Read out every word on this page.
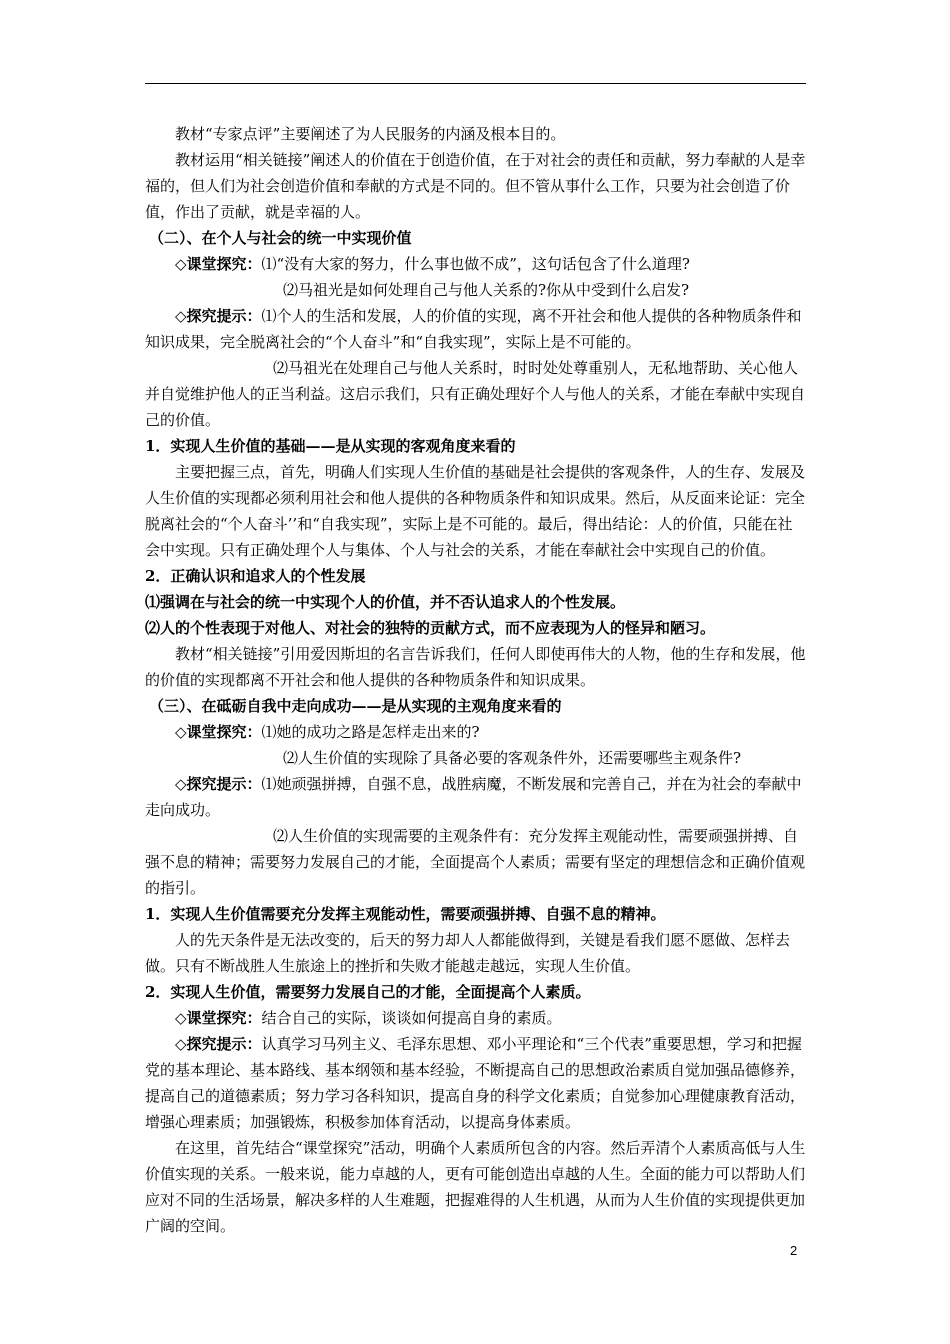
教材“专家点评”主要阐述了为人民服务的内涵及根本目的。

教材运用“相关链接”阐述人的价值在于创造价值，在于对社会的责任和贡献，努力奉献的人是幸福的，但人们为社会创造价值和奉献的方式是不同的。但不管从事什么工作，只要为社会创造了价值，作出了贡献，就是幸福的人。

（二）、在个人与社会的统一中实现价值

◇课堂探究：⑴“没有大家的努力，什么事也做不成”，这句话包含了什么道理?

⑵马祖光是如何处理自己与他人关系的?你从中受到什么启发?

◇探究提示：⑴个人的生活和发展，人的价值的实现，离不开社会和他人提供的各种物质条件和知识成果，完全脱离社会的“个人奋斗”和“自我实现”，实际上是不可能的。

⑵马祖光在处理自己与他人关系时，时时处处尊重别人，无私地帮助、关心他人并自觉维护他人的正当利益。这启示我们，只有正确处理好个人与他人的关系，才能在奉献中实现自己的价值。

1．实现人生价值的基础——是从实现的客观角度来看的

主要把握三点，首先，明确人们实现人生价值的基础是社会提供的客观条件，人的生存、发展及人生价值的实现都必须利用社会和他人提供的各种物质条件和知识成果。然后，从反面来论证：完全脱离社会的“个人奋斗’’和“自我实现”，实际上是不可能的。最后，得出结论：人的价值，只能在社会中实现。只有正确处理个人与集体、个人与社会的关系，才能在奉献社会中实现自己的价值。

2．正确认识和追求人的个性发展

⑴强调在与社会的统一中实现个人的价值，并不否认追求人的个性发展。

⑵人的个性表现于对他人、对社会的独特的贡献方式，而不应表现为人的怪异和陋习。

教材“相关链接”引用爱因斯坦的名言告诉我们，任何人即使再伟大的人物，他的生存和发展，他的价值的实现都离不开社会和他人提供的各种物质条件和知识成果。

（三）、在砥砺自我中走向成功——是从实现的主观角度来看的

◇课堂探究：⑴她的成功之路是怎样走出来的?

⑵人生价值的实现除了具备必要的客观条件外，还需要哪些主观条件?

◇探究提示：⑴她顽强拼搏，自强不息，战胜病魔，不断发展和完善自己，并在为社会的奉献中走向成功。

⑵人生价值的实现需要的主观条件有：充分发挥主观能动性，需要顽强拼搏、自强不息的精神；需要努力发展自己的才能，全面提高个人素质；需要有坚定的理想信念和正确价值观的指引。

1．实现人生价值需要充分发挥主观能动性，需要顽强拼搏、自强不息的精神。

人的先天条件是无法改变的，后天的努力却人人都能做得到，关键是看我们愿不愿做、怎样去做。只有不断战胜人生旅途上的挫折和失败才能越走越远，实现人生价值。

2．实现人生价值，需要努力发展自己的才能，全面提高个人素质。

◇课堂探究：结合自己的实际，谈谈如何提高自身的素质。

◇探究提示：认真学习马列主义、毛泽东思想、邓小平理论和“三个代表”重要思想，学习和把握党的基本理论、基本路线、基本纲领和基本经验，不断提高自己的思想政治素质自觉加强品德修养，提高自己的道德素质；努力学习各科知识，提高自身的科学文化素质；自觉参加心理健康教育活动，增强心理素质；加强锻炼，积极参加体育活动，以提高身体素质。

在这里，首先结合“课堂探究”活动，明确个人素质所包含的内容。然后弄清个人素质高低与人生价值实现的关系。一般来说，能力卓越的人，更有可能创造出卓越的人生。全面的能力可以帮助人们应对不同的生活场景，解决多样的人生难题，把握难得的人生机遇，从而为人生价值的实现提供更加广阔的空间。

2
